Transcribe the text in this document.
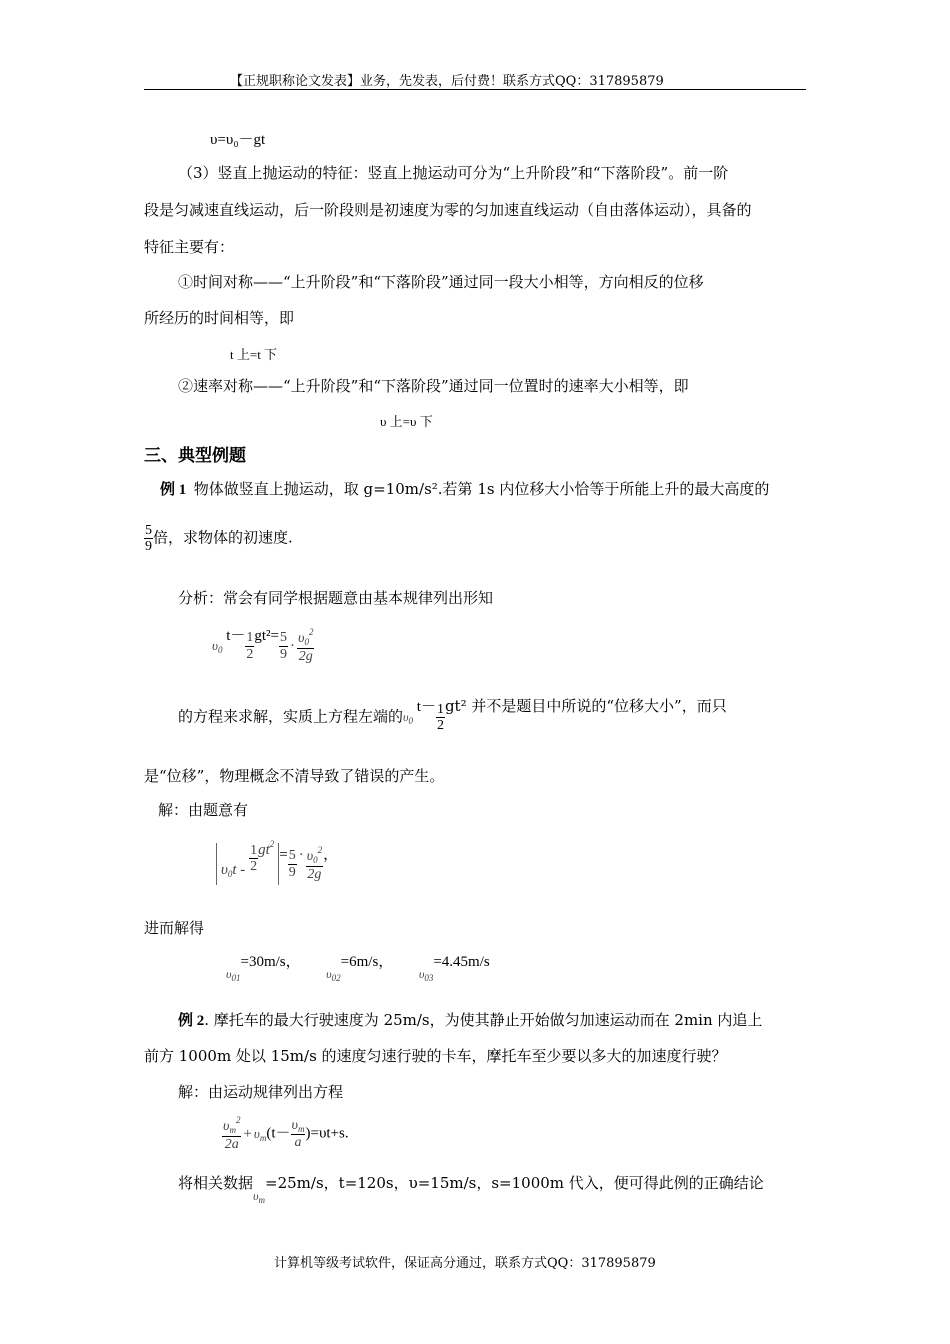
【正规职称论文发表】业务，先发表，后付费！联系方式QQ：317895879
υ=υ₀－gt
（3）竖直上抛运动的特征：竖直上抛运动可分为“上升阶段”和“下落阶段”。前一阶
段是匀减速直线运动，后一阶段则是初速度为零的匀加速直线运动（自由落体运动），具备的
特征主要有：
①时间对称——“上升阶段”和“下落阶段”通过同一段大小相等，方向相反的位移
所经历的时间相等，即
t 上=t 下
②速率对称——“上升阶段”和“下落阶段”通过同一位置时的速率大小相等，即
υ 上=υ 下
三、典型例题
例 1 物体做竖直上抛运动，取 g=10m/s².若第 1s 内位移大小恰等于所能上升的最大高度的
$\frac{5}{9}$ 倍，求物体的初速度.
分析：常会有同学根据题意由基本规律列出形知
$\upsilon_0$ $t- \frac{1}{2} gt^2= \frac{5}{9} \cdot \frac{\upsilon_0^2}{2g}$
的方程来求解，实质上方程左端的$\upsilon_0$ $t- \frac{1}{2} gt^2$ 并不是题目中所说的“位移大小”，而只
是“位移”，物理概念不清导致了错误的产生。
解：由题意有
$\upsilon_0t - \frac{1}{2} gt^2= \frac{5}{9} \cdot \frac{\upsilon_0^2}{2g}$ ，
进而解得
$_{\upsilon_{01}}$=30m/s，  $_{\upsilon_{02}}$=6m/s，  $_{\upsilon_{03}}$=4.45m/s
例 2. 摩托车的最大行驶速度为 25m/s，为使其静止开始做匀加速运动而在 2min 内追上
前方 1000m 处以 15m/s 的速度匀速行驶的卡车，摩托车至少要以多大的加速度行驶？
解：由运动规律列出方程
$\frac{\upsilon_m^2}{2a} + \upsilon_m(t- \frac{\upsilon_m}{a} )=\upsilon t+s$.
将相关数据$_{\upsilon_m}$=25m/s，t=120s，υ=15m/s，s=1000m 代入，便可得此例的正确结论
计算机等级考试软件，保证高分通过，联系方式QQ：317895879
